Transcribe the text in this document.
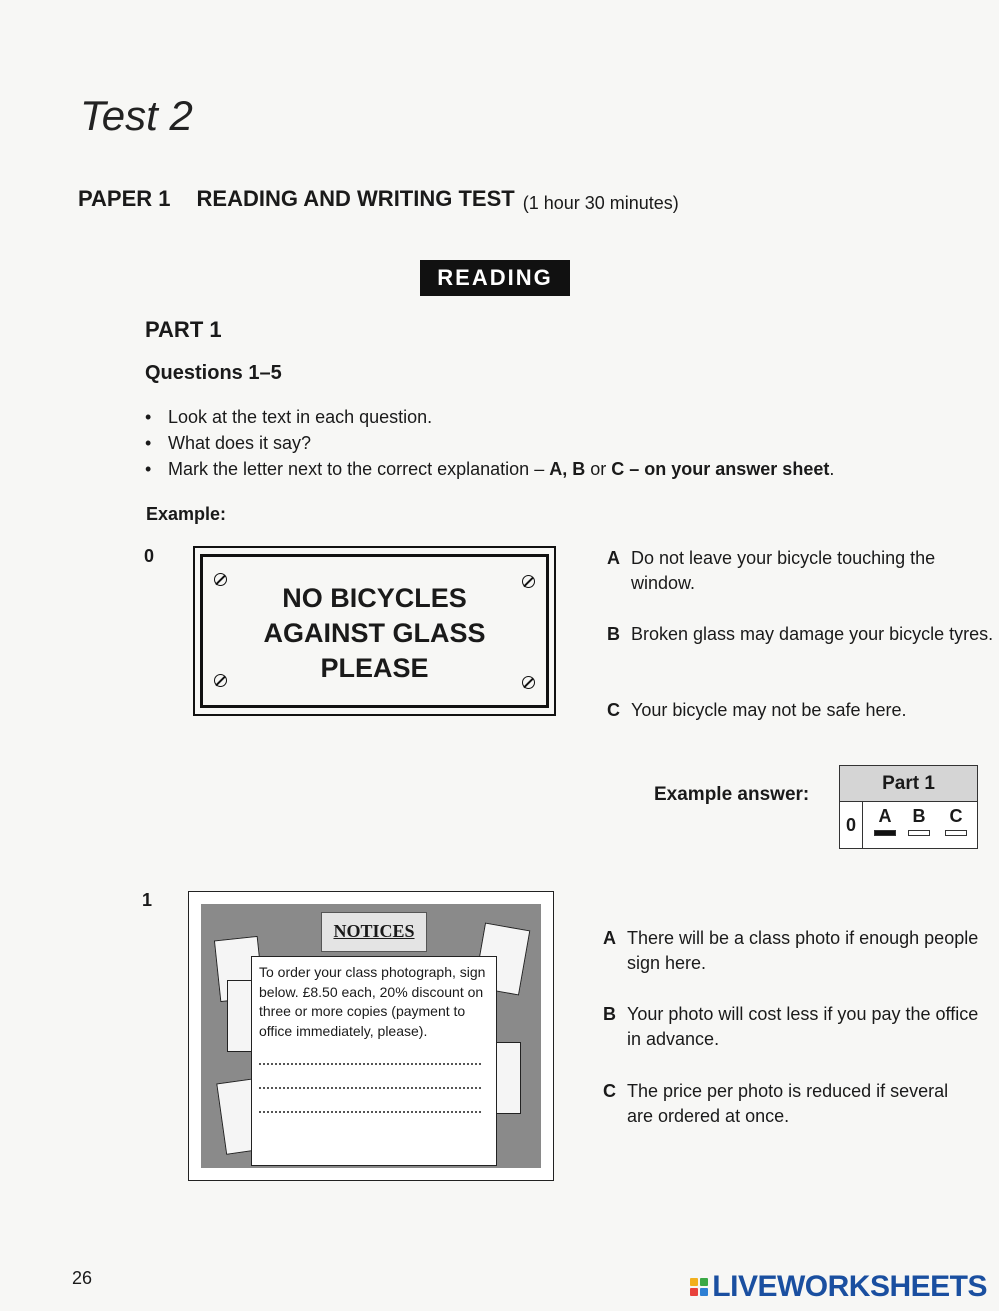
Test 2
PAPER 1 READING AND WRITING TEST (1 hour 30 minutes)
READING
PART 1
Questions 1–5
• Look at the text in each question.
• What does it say?
• Mark the letter next to the correct explanation – A, B or C – on your answer sheet.
Example:
0
NO BICYCLES
AGAINST GLASS
PLEASE
A Do not leave your bicycle touching the window.
B Broken glass may damage your bicycle tyres.
C Your bicycle may not be safe here.
Example answer:
Part 1
0	A	B	C
1
NOTICES
To order your class photograph, sign below. £8.50 each, 20% discount on three or more copies (payment to office immediately, please).
A There will be a class photo if enough people sign here.
B Your photo will cost less if you pay the office in advance.
C The price per photo is reduced if several are ordered at once.
26	LIVEWORKSHEETS
